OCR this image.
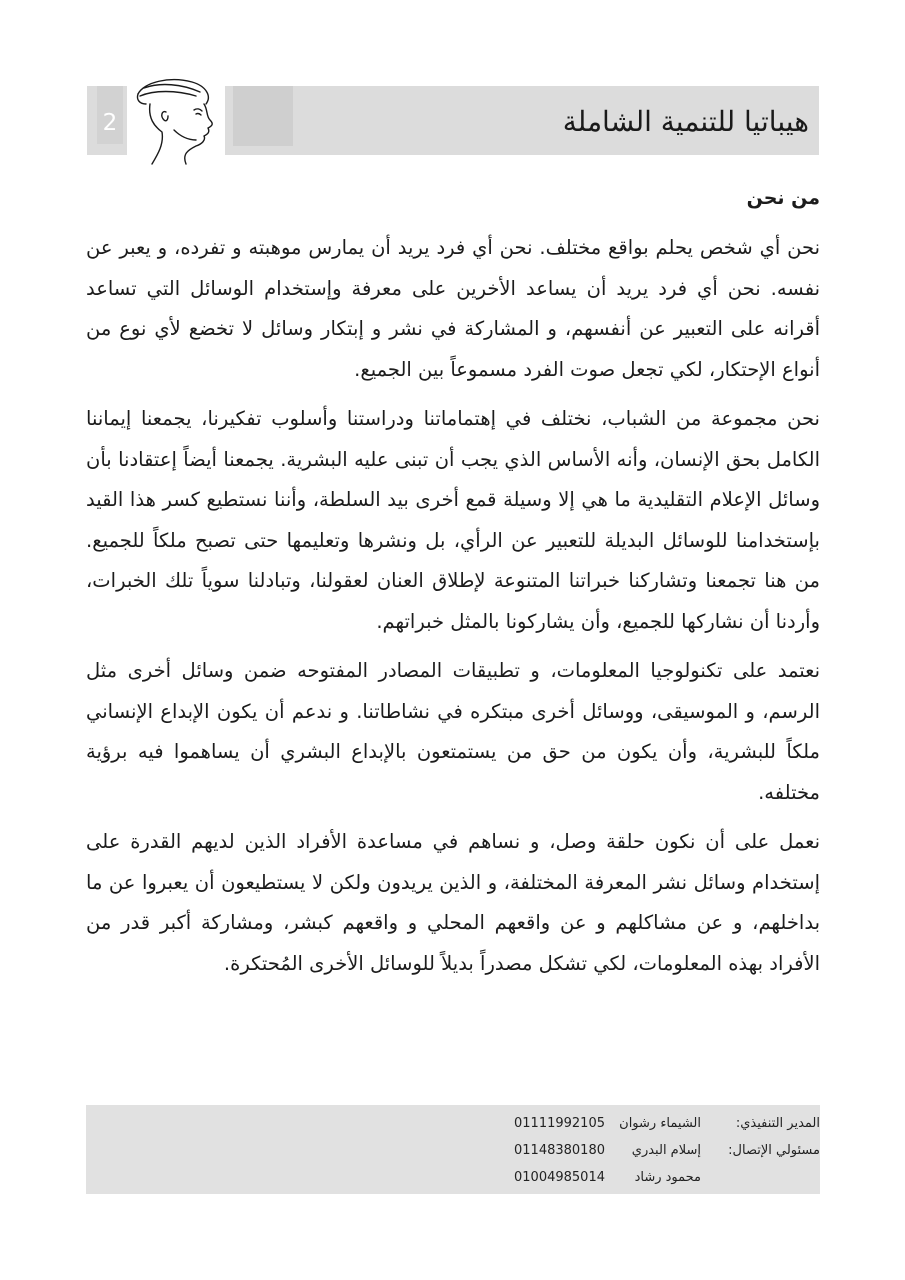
2	هيباتيا للتنمية الشاملة
من نحن

نحن أي شخص يحلم بواقع مختلف. نحن أي فرد يريد أن يمارس موهبته و تفرده، و يعبر عن نفسه. نحن أي فرد يريد أن يساعد الأخرين على معرفة وإستخدام الوسائل التي تساعد أقرانه على التعبير عن أنفسهم، و المشاركة في نشر و إبتكار وسائل لا تخضع لأي نوع من أنواع الإحتكار، لكي تجعل صوت الفرد مسموعاً بين الجميع.

نحن مجموعة من الشباب، نختلف في إهتماماتنا ودراستنا وأسلوب تفكيرنا، يجمعنا إيماننا الكامل بحق الإنسان، وأنه الأساس الذي يجب أن تبنى عليه البشرية. يجمعنا أيضاً إعتقادنا بأن وسائل الإعلام التقليدية ما هي إلا وسيلة قمع أخرى بيد السلطة، وأننا نستطيع كسر هذا القيد بإستخدامنا للوسائل البديلة للتعبير عن الرأي، بل ونشرها وتعليمها حتى تصبح ملكاً للجميع. من هنا تجمعنا وتشاركنا خبراتنا المتنوعة لإطلاق العنان لعقولنا، وتبادلنا سوياً تلك الخبرات، وأردنا أن نشاركها للجميع، وأن يشاركونا بالمثل خبراتهم.

نعتمد على تكنولوجيا المعلومات، و تطبيقات المصادر المفتوحه ضمن وسائل أخرى مثل الرسم، و الموسيقى، ووسائل أخرى مبتكره في نشاطاتنا. و ندعم أن يكون الإبداع الإنساني ملكاً للبشرية، وأن يكون من حق من يستمتعون بالإبداع البشري أن يساهموا فيه برؤية مختلفه.

نعمل على أن نكون حلقة وصل، و نساهم في مساعدة الأفراد الذين لديهم القدرة على إستخدام وسائل نشر المعرفة المختلفة، و الذين يريدون ولكن لا يستطيعون أن يعبروا عن ما بداخلهم، و عن مشاكلهم و عن واقعهم المحلي و واقعهم كبشر، ومشاركة أكبر قدر من الأفراد بهذه المعلومات، لكي تشكل مصدراً بديلاً للوسائل الأخرى المُحتكرة.

المدير التنفيذي:
الشيماء رشوان
01111992105
مسئولي الإتصال:
إسلام البدري
01148380180
محمود رشاد
01004985014
